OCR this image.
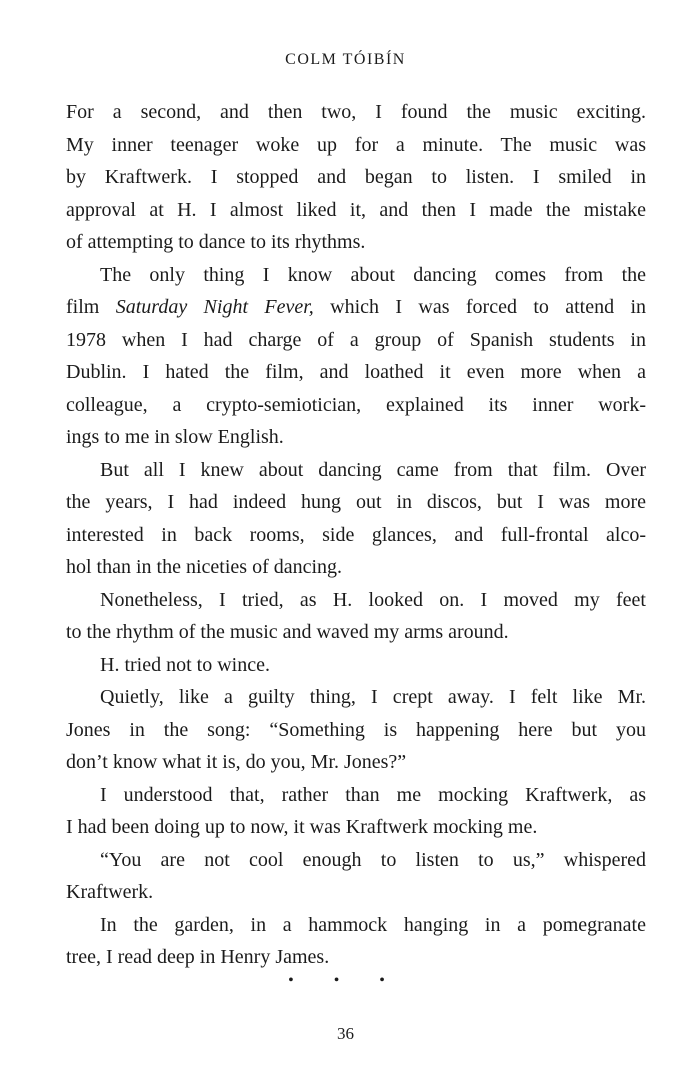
COLM TÓIBÍN
For a second, and then two, I found the music exciting.
My inner teenager woke up for a minute. The music was
by Kraftwerk. I stopped and began to listen. I smiled in
approval at H. I almost liked it, and then I made the mistake
of attempting to dance to its rhythms.
The only thing I know about dancing comes from the
film Saturday Night Fever, which I was forced to attend in
1978 when I had charge of a group of Spanish students in
Dublin. I hated the film, and loathed it even more when a
colleague, a crypto-semiotician, explained its inner work-
ings to me in slow English.
But all I knew about dancing came from that film. Over
the years, I had indeed hung out in discos, but I was more
interested in back rooms, side glances, and full-frontal alco-
hol than in the niceties of dancing.
Nonetheless, I tried, as H. looked on. I moved my feet
to the rhythm of the music and waved my arms around.
H. tried not to wince.
Quietly, like a guilty thing, I crept away. I felt like Mr.
Jones in the song: “Something is happening here but you
don’t know what it is, do you, Mr. Jones?”
I understood that, rather than me mocking Kraftwerk, as
I had been doing up to now, it was Kraftwerk mocking me.
“You are not cool enough to listen to us,” whispered
Kraftwerk.
In the garden, in a hammock hanging in a pomegranate
tree, I read deep in Henry James.
• • •
36
